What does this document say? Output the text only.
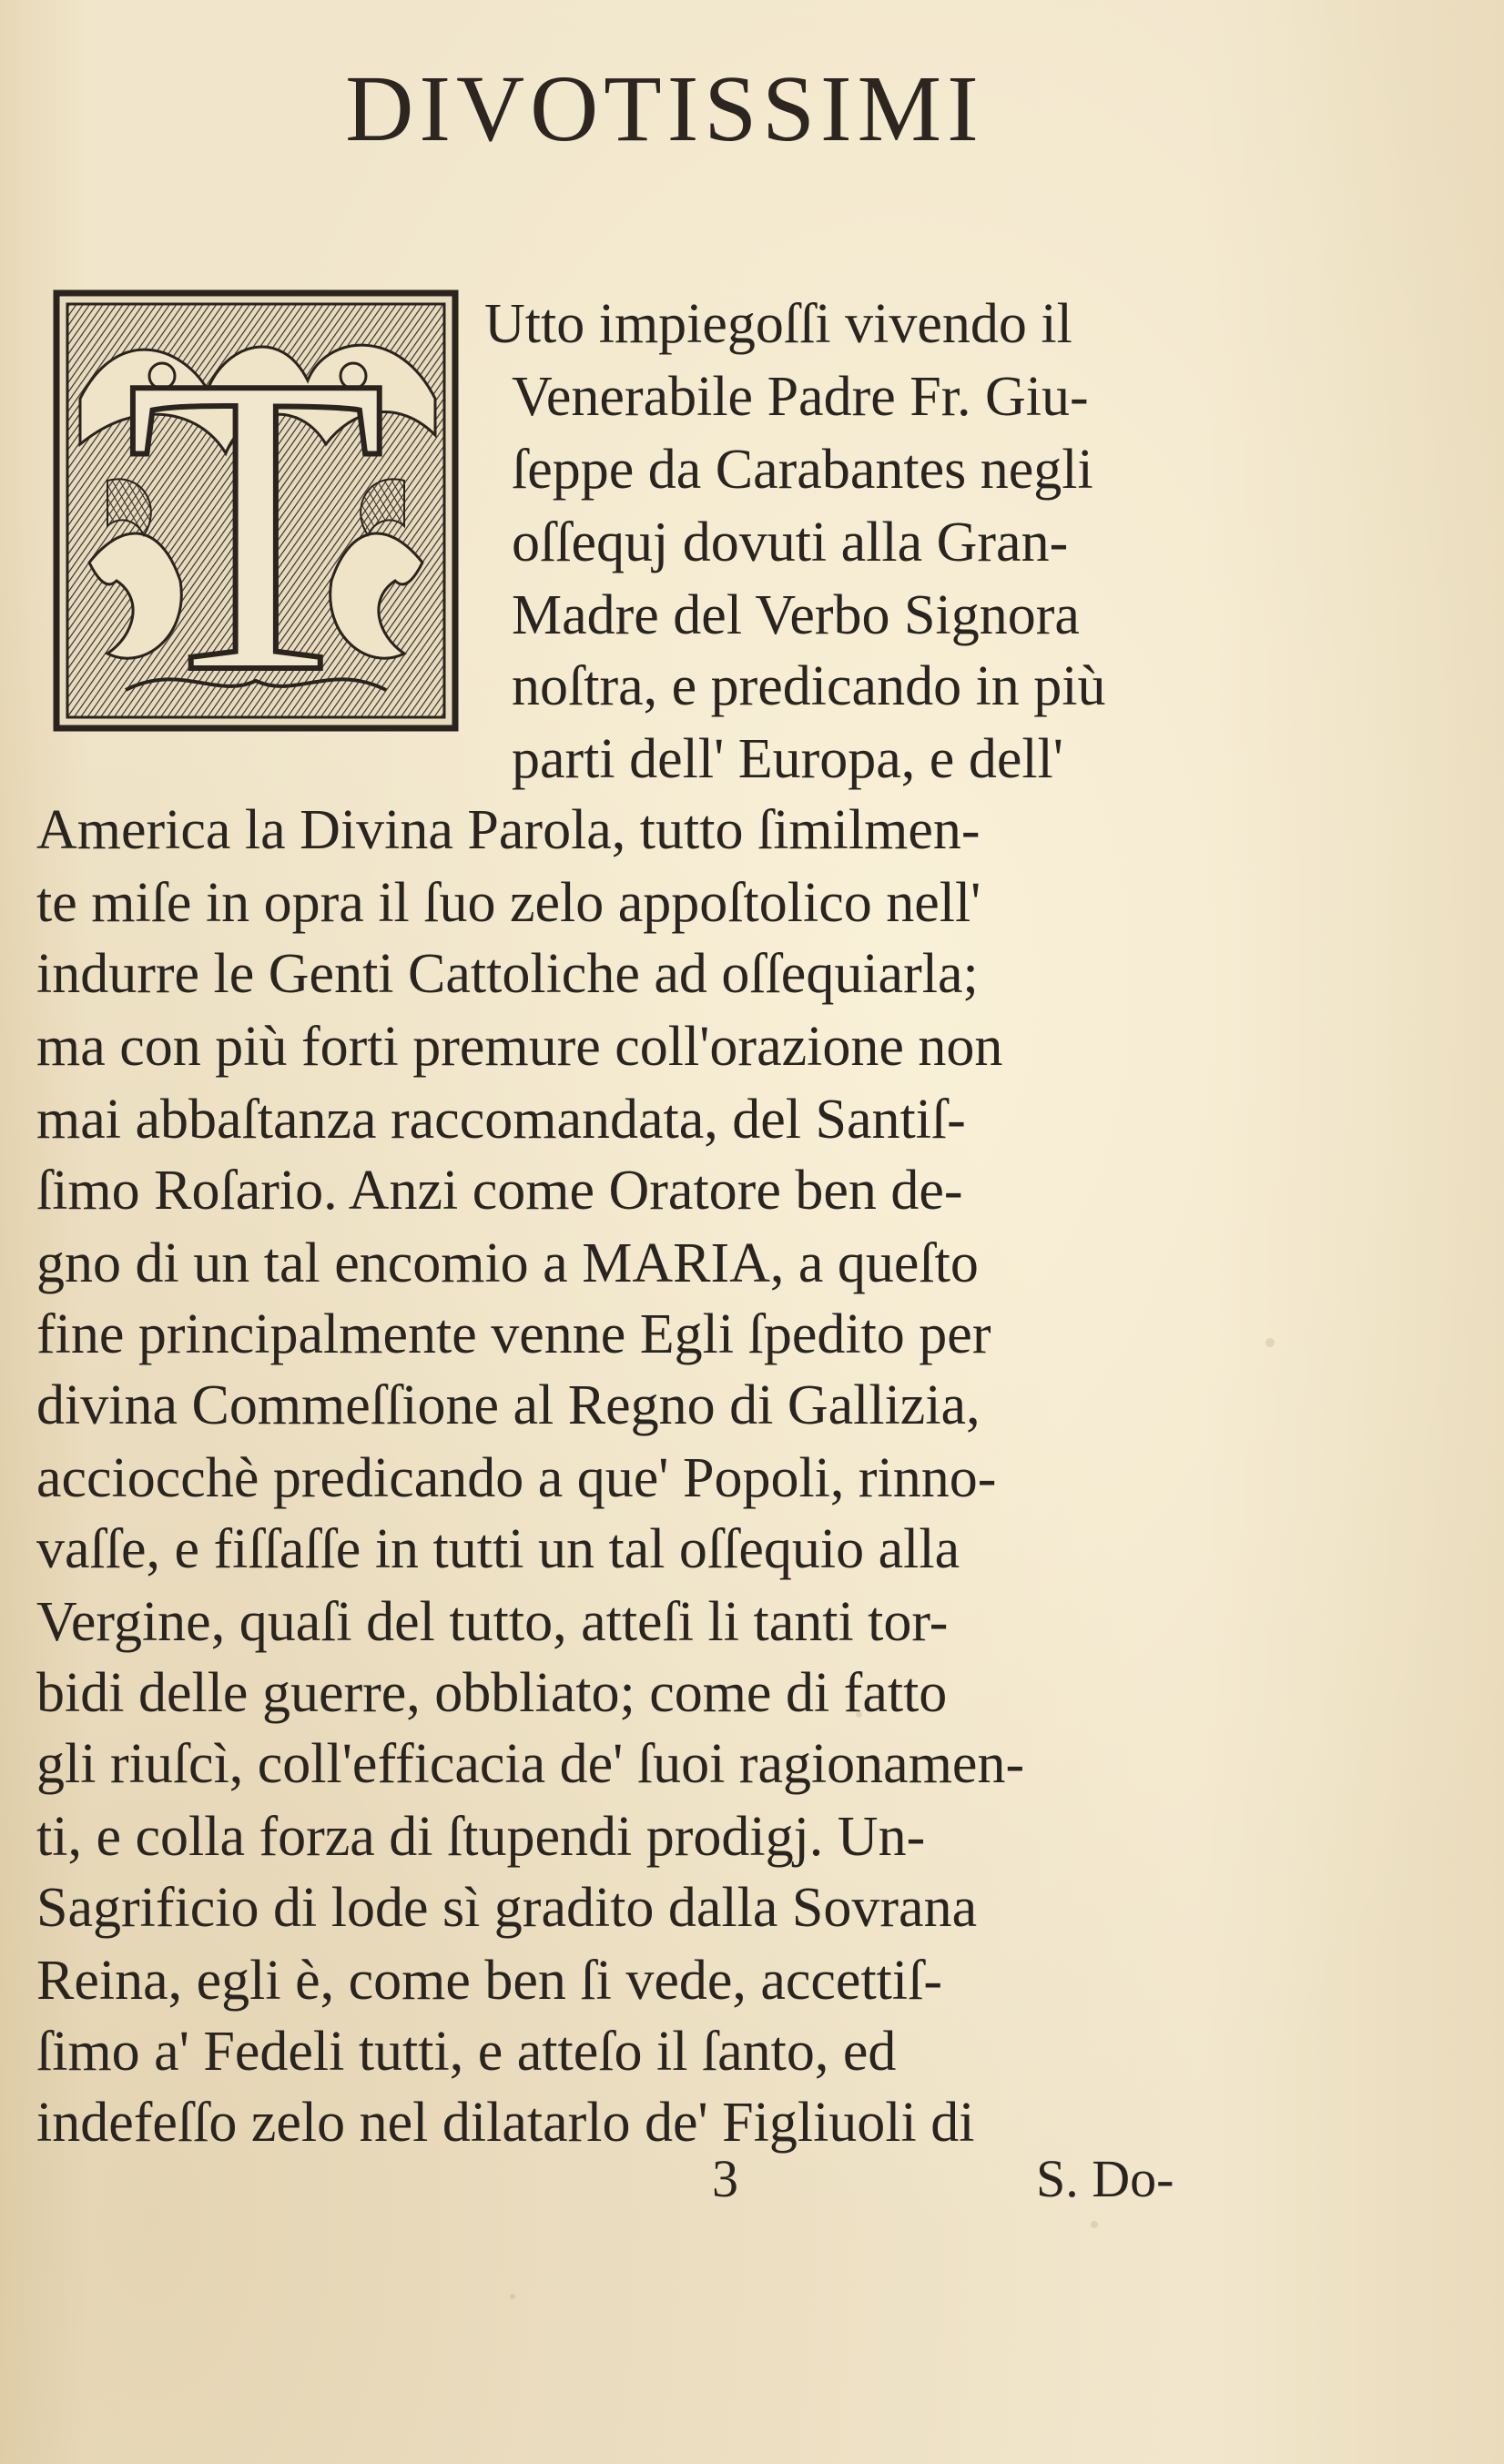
DIVOTISSIMI
T	Utto impiegoſſi vivendo il
Venerabile Padre Fr. Giu-
ſeppe da Carabantes negli
oſſequj dovuti alla Gran-
Madre del Verbo Signora
noſtra, e predicando in più
parti dell' Europa, e dell'
America la Divina Parola, tutto ſimilmen-
te miſe in opra il ſuo zelo appoſtolico nell'
indurre le Genti Cattoliche ad oſſequiarla;
ma con più forti premure coll'orazione non
mai abbaſtanza raccomandata, del Santiſ-
ſimo Roſario. Anzi come Oratore ben de-
gno di un tal encomio a MARIA, a queſto
fine principalmente venne Egli ſpedito per
divina Commeſſione al Regno di Gallizia,
acciocchè predicando a que' Popoli, rinno-
vaſſe, e fiſſaſſe in tutti un tal oſſequio alla
Vergine, quaſi del tutto, atteſi li tanti tor-
bidi delle guerre, obbliato; come di fatto
gli riuſcì, coll'efficacia de' ſuoi ragionamen-
ti, e colla forza di ſtupendi prodigj. Un-
Sagrificio di lode sì gradito dalla Sovrana
Reina, egli è, come ben ſi vede, accettiſ-
ſimo a' Fedeli tutti, e atteſo il ſanto, ed
indefeſſo zelo nel dilatarlo de' Figliuoli di
3	S. Do-
